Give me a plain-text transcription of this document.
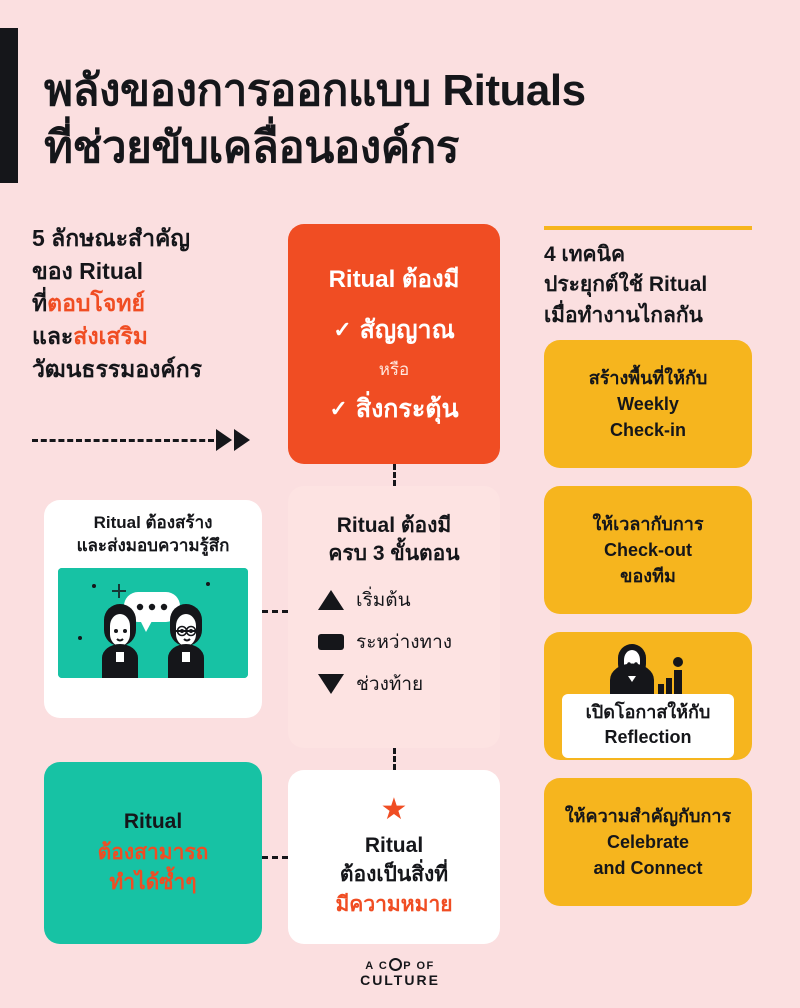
พลังของการออกแบบ Rituals
ที่ช่วยขับเคลื่อนองค์กร
5 ลักษณะสำคัญ
ของ Ritual
ที่ตอบโจทย์
และส่งเสริม
วัฒนธรรมองค์กร
Ritual ต้องมี
✓ สัญญาณ
หรือ
✓ สิ่งกระตุ้น
Ritual ต้องมี
ครบ 3 ขั้นตอน
เริ่มต้น
ระหว่างทาง
ช่วงท้าย
Ritual ต้องสร้าง
และส่งมอบความรู้สึก
Ritual
ต้องสามารถ
ทำได้ซ้ำๆ
★
Ritual
ต้องเป็นสิ่งที่
มีความหมาย
4 เทคนิค
ประยุกต์ใช้ Ritual
เมื่อทำงานไกลกัน
สร้างพื้นที่ให้กับ
Weekly
Check-in
ให้เวลากับการ
Check-out
ของทีม
เปิดโอกาสให้กับ
Reflection
ให้ความสำคัญกับการ
Celebrate
and Connect
A C P OF
CULTURE
